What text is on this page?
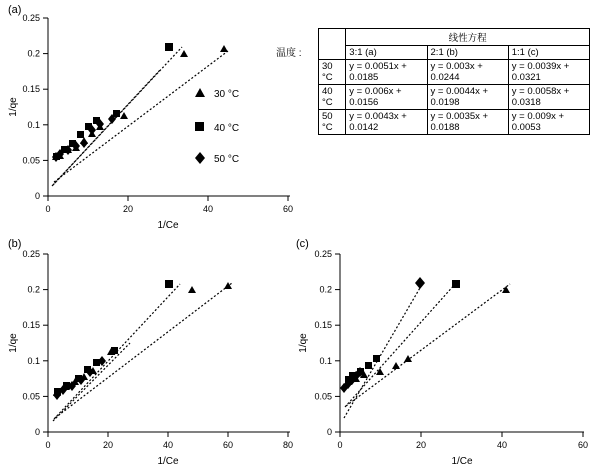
(a)
0
0.05
0.1
0.15
0.2
0.25
0	20	40	60
1/Ce
1/qe
30 °C
40 °C
50 °C
温度 :
	线性方程		
	3:1 (a)	2:1 (b)	1:1 (c)
30 °C	y = 0.0051x + 0.0185	y = 0.003x + 0.0244	y = 0.0039x + 0.0321
40 °C	y = 0.006x + 0.0156	y = 0.0044x + 0.0198	y = 0.0058x + 0.0318
50 °C	y = 0.0043x + 0.0142	y = 0.0035x + 0.0188	y = 0.009x + 0.0053
(b)
0
0.05
0.1
0.15
0.2
0.25
0	20	40	60	80
1/Ce
1/qe
(c)
0
0.05
0.1
0.15
0.2
0.25
0	20	40	60
1/Ce
1/qe
